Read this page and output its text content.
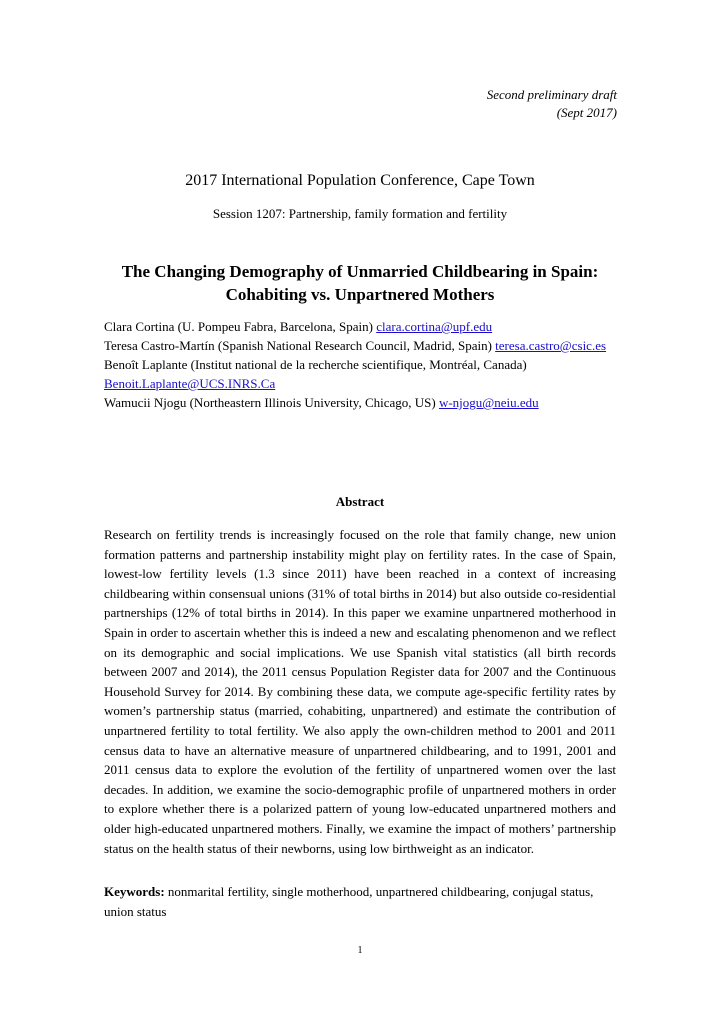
Second preliminary draft
(Sept 2017)
2017 International Population Conference, Cape Town
Session 1207: Partnership, family formation and fertility
The Changing Demography of Unmarried Childbearing in Spain:
Cohabiting vs. Unpartnered Mothers

Clara Cortina (U. Pompeu Fabra, Barcelona, Spain) clara.cortina@upf.edu

Teresa Castro-Martín (Spanish National Research Council, Madrid, Spain) teresa.castro@csic.es

Benoît Laplante (Institut national de la recherche scientifique, Montréal, Canada) Benoit.Laplante@UCS.INRS.Ca

Wamucii Njogu (Northeastern Illinois University, Chicago, US) w-njogu@neiu.edu

Abstract
Research on fertility trends is increasingly focused on the role that family change, new union formation patterns and partnership instability might play on fertility rates. In the case of Spain, lowest-low fertility levels (1.3 since 2011) have been reached in a context of increasing childbearing within consensual unions (31% of total births in 2014) but also outside co-residential partnerships (12% of total births in 2014). In this paper we examine unpartnered motherhood in Spain in order to ascertain whether this is indeed a new and escalating phenomenon and we reflect on its demographic and social implications. We use Spanish vital statistics (all birth records between 2007 and 2014), the 2011 census Population Register data for 2007 and the Continuous Household Survey for 2014. By combining these data, we compute age-specific fertility rates by women’s partnership status (married, cohabiting, unpartnered) and estimate the contribution of unpartnered fertility to total fertility. We also apply the own-children method to 2001 and 2011 census data to have an alternative measure of unpartnered childbearing, and to 1991, 2001 and 2011 census data to explore the evolution of the fertility of unpartnered women over the last decades. In addition, we examine the socio-demographic profile of unpartnered mothers in order to explore whether there is a polarized pattern of young low-educated unpartnered mothers and older high-educated unpartnered mothers. Finally, we examine the impact of mothers’ partnership status on the health status of their newborns, using low birthweight as an indicator.
Keywords: nonmarital fertility, single motherhood, unpartnered childbearing, conjugal status, union status
1
